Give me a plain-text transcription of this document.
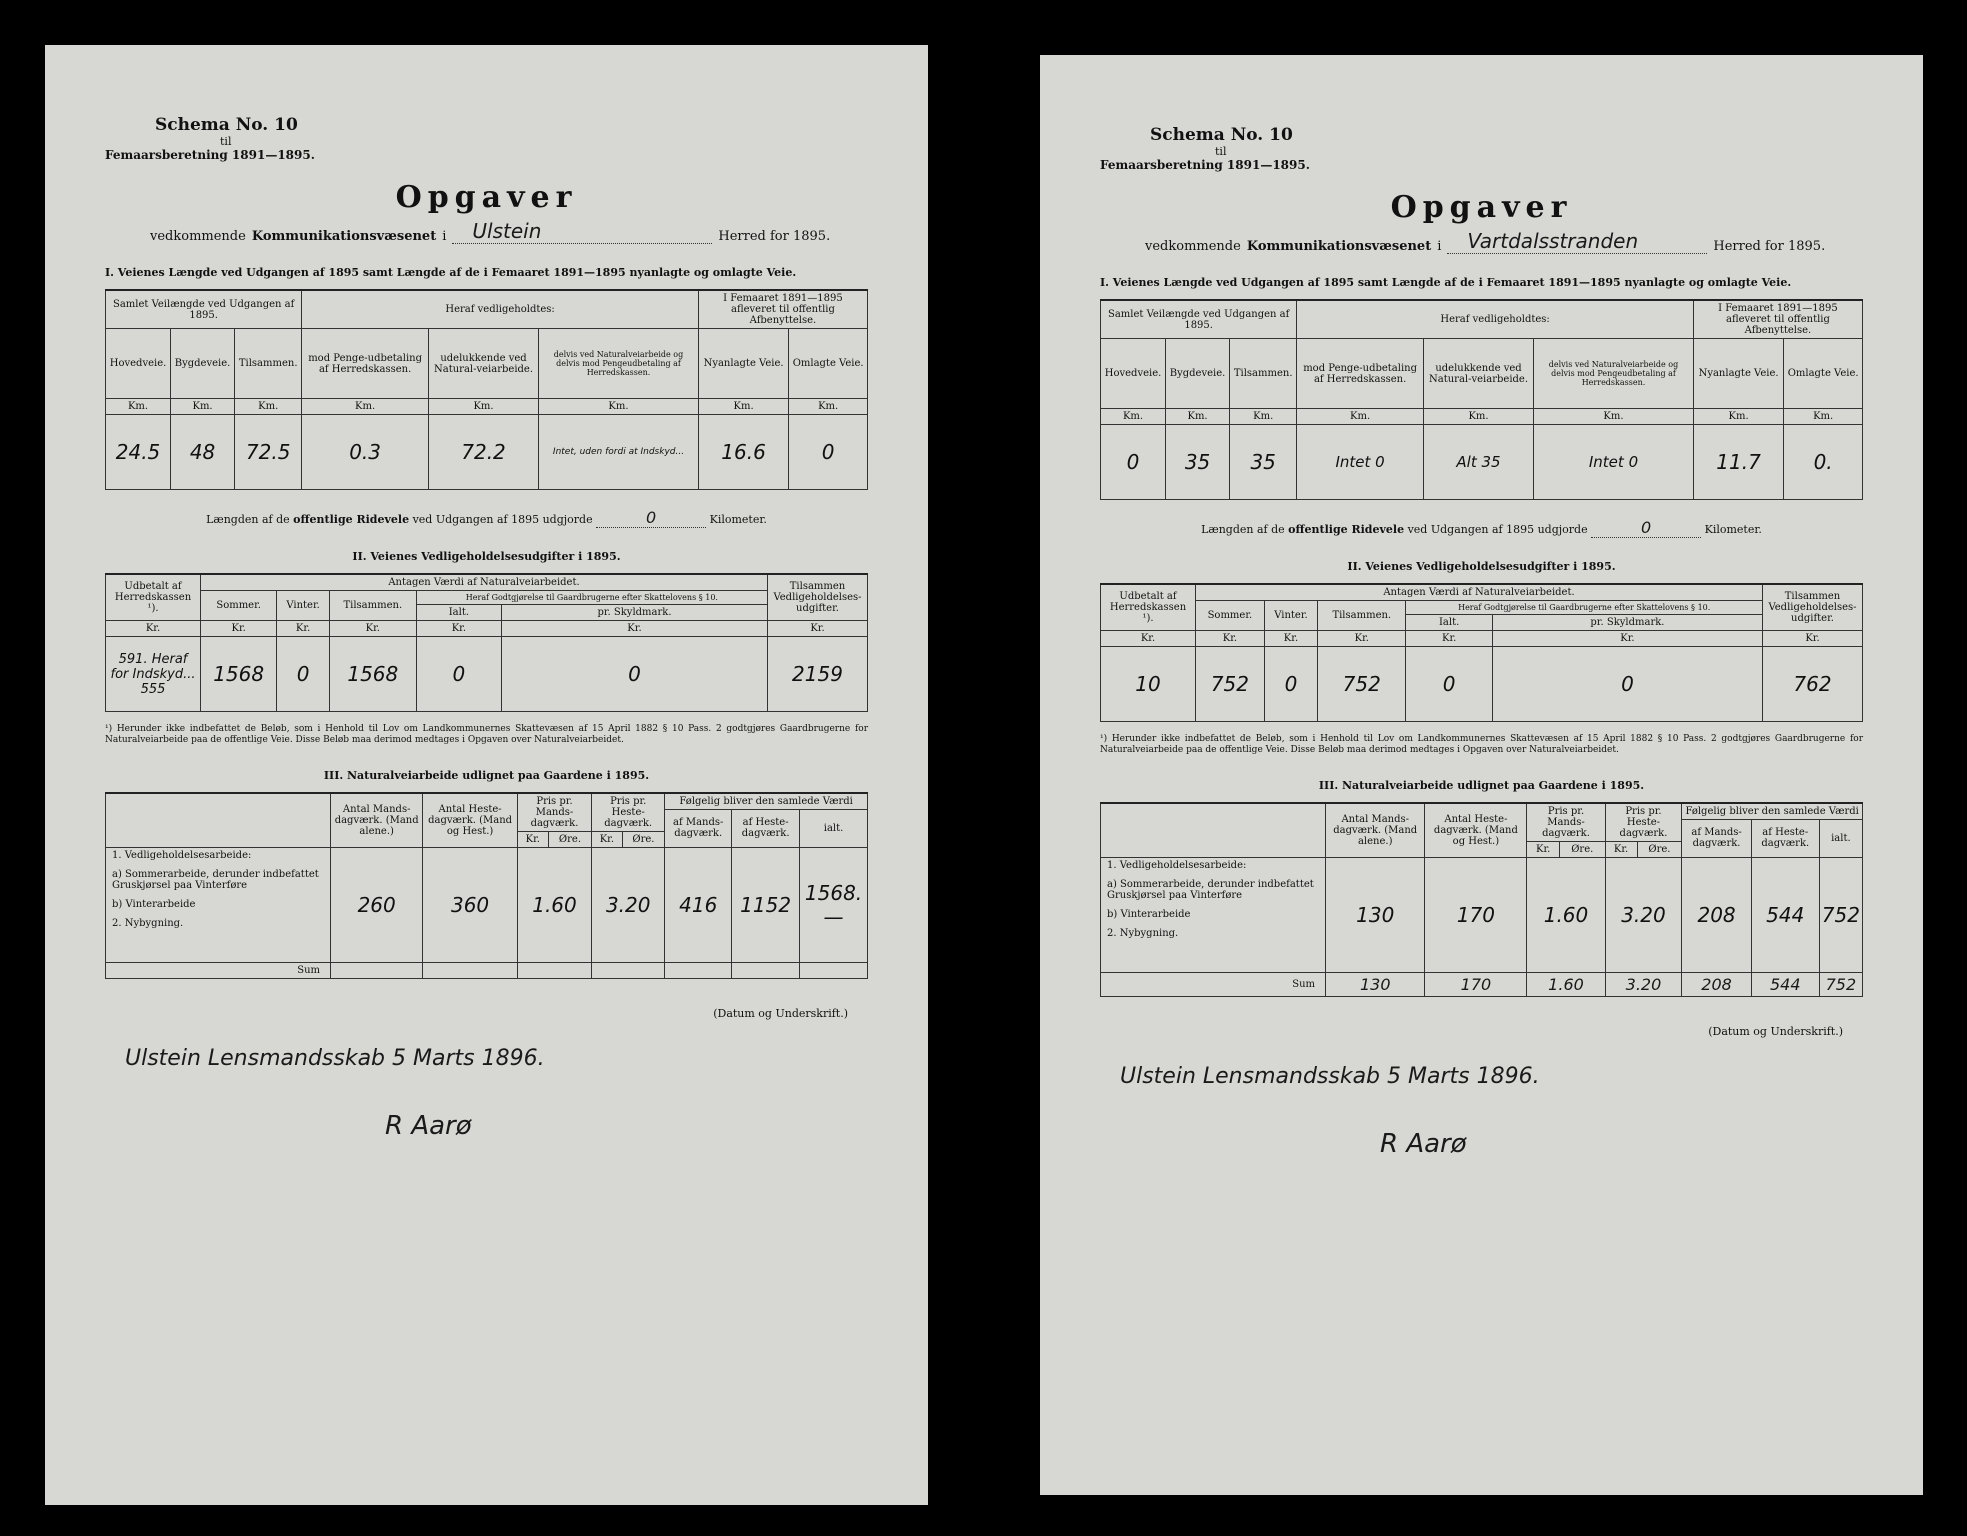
Schema No. 10
til
Femaarsberetning 1891—1895.
Opgaver
vedkommende Kommunikationsvæsenet i Ulstein	Herred for 1895.
I. Veienes Længde ved Udgangen af 1895 samt Længde af de i Femaaret 1891—1895 nyanlagte og omlagte Veie.
Samlet Veilængde ved Udgangen af 1895.			Heraf vedligeholdtes:			I Femaaret 1891—1895 afleveret til offentlig Afbenyttelse.	
Hovedveie.	Bygdeveie.	Tilsammen.	mod Penge-udbetaling af Herredskassen.	udelukkende ved Natural-veiarbeide.	delvis ved Naturalveiarbeide og delvis mod Pengeudbetaling af Herredskassen.	Nyanlagte Veie.	Omlagte Veie.
Km.	Km.	Km.	Km.	Km.	Km.	Km.	Km.
24.5	48	72.5	0.3	72.2	Intet, uden fordi at Indskyd...	16.6	0
Længden af de offentlige Ridevele ved Udgangen af 1895 udgjorde	0	Kilometer.
II. Veienes Vedligeholdelsesudgifter i 1895.
Udbetalt af Herredskassen ¹).	Antagen Værdi af Naturalveiarbeidet.					Tilsammen Vedligeholdelses-udgifter.
	Sommer.	Vinter.	Tilsammen.	Heraf Godtgjørelse til Gaardbrugerne efter Skattelovens § 10.		
				Ialt.	pr. Skyldmark.	
Kr.	Kr.	Kr.	Kr.	Kr.	Kr.	Kr.
591. Heraf for Indskyd... 555	1568	0	1568	0	0	2159
¹) Herunder ikke indbefattet de Beløb, som i Henhold til Lov om Landkommunernes Skattevæsen af 15 April 1882 § 10 Pass. 2 godtgjøres Gaardbrugerne for Naturalveiarbeide paa de offentlige Veie. Disse Beløb maa derimod medtages i Opgaven over Naturalveiarbeidet.
III. Naturalveiarbeide udlignet paa Gaardene i 1895.
	Antal Mands-dagværk. (Mand alene.)	Antal Heste-dagværk. (Mand og Hest.)	Pris pr. Mands-dagværk.		Pris pr. Heste-dagværk.		Følgelig bliver den samlede Værdi		
							af Mands-dagværk.	af Heste-dagværk.	ialt.
			Kr.	Øre.	Kr.	Øre.			

1. Vedligeholdelsesarbeide:
a) Sommerarbeide, derunder indbefattet Gruskjørsel paa Vinterføre
b) Vinterarbeide
2. Nybygning.	260	360	1.60		3.20		416	1152	1568.—
Sum									
(Datum og Underskrift.)
Ulstein Lensmandsskab 5 Marts 1896.
R Aarø
Schema No. 10
til
Femaarsberetning 1891—1895.
Opgaver
vedkommende Kommunikationsvæsenet i Vartdalsstranden	Herred for 1895.
I. Veienes Længde ved Udgangen af 1895 samt Længde af de i Femaaret 1891—1895 nyanlagte og omlagte Veie.
Samlet Veilængde ved Udgangen af 1895.			Heraf vedligeholdtes:			I Femaaret 1891—1895 afleveret til offentlig Afbenyttelse.	
Hovedveie.	Bygdeveie.	Tilsammen.	mod Penge-udbetaling af Herredskassen.	udelukkende ved Natural-veiarbeide.	delvis ved Naturalveiarbeide og delvis mod Pengeudbetaling af Herredskassen.	Nyanlagte Veie.	Omlagte Veie.
Km.	Km.	Km.	Km.	Km.	Km.	Km.	Km.
0	35	35	Intet 0	Alt 35	Intet 0	11.7	0.
Længden af de offentlige Ridevele ved Udgangen af 1895 udgjorde	0	Kilometer.
II. Veienes Vedligeholdelsesudgifter i 1895.
Udbetalt af Herredskassen ¹).	Antagen Værdi af Naturalveiarbeidet.					Tilsammen Vedligeholdelses-udgifter.
	Sommer.	Vinter.	Tilsammen.	Heraf Godtgjørelse til Gaardbrugerne efter Skattelovens § 10.		
				Ialt.	pr. Skyldmark.	
Kr.	Kr.	Kr.	Kr.	Kr.	Kr.	Kr.
10	752	0	752	0	0	762
¹) Herunder ikke indbefattet de Beløb, som i Henhold til Lov om Landkommunernes Skattevæsen af 15 April 1882 § 10 Pass. 2 godtgjøres Gaardbrugerne for Naturalveiarbeide paa de offentlige Veie. Disse Beløb maa derimod medtages i Opgaven over Naturalveiarbeidet.
III. Naturalveiarbeide udlignet paa Gaardene i 1895.
	Antal Mands-dagværk. (Mand alene.)	Antal Heste-dagværk. (Mand og Hest.)	Pris pr. Mands-dagværk.		Pris pr. Heste-dagværk.		Følgelig bliver den samlede Værdi		
							af Mands-dagværk.	af Heste-dagværk.	ialt.
			Kr.	Øre.	Kr.	Øre.			

1. Vedligeholdelsesarbeide:
a) Sommerarbeide, derunder indbefattet Gruskjørsel paa Vinterføre
b) Vinterarbeide
2. Nybygning.	130	170	1.60		3.20		208	544	752
Sum	130	170	1.60		3.20		208	544	752
(Datum og Underskrift.)
Ulstein Lensmandsskab 5 Marts 1896.
R Aarø
